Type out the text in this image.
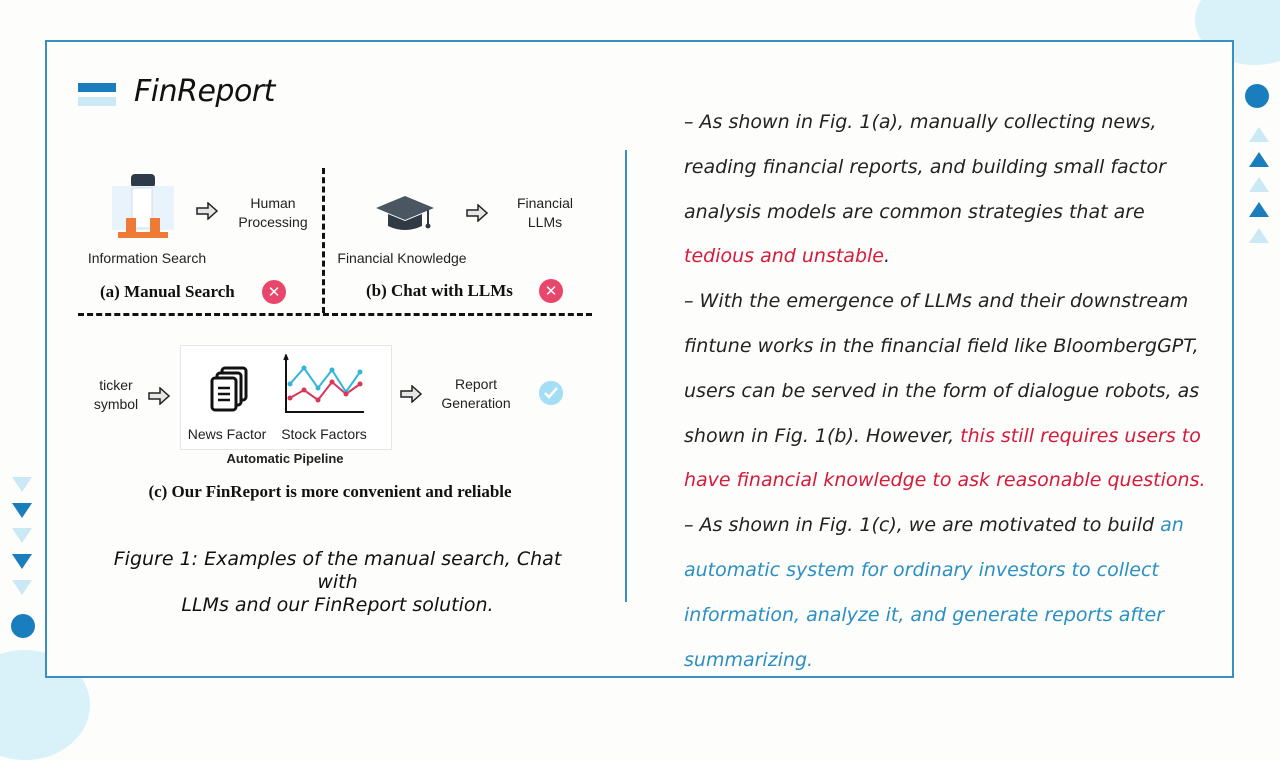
FinReport
Human
Processing
Information Search
(a) Manual Search	✕
Financial
LLMs
Financial Knowledge
(b) Chat with LLMs	✕
ticker
symbol
News Factor	Stock Factors
Automatic Pipeline
Report
Generation
(c) Our FinReport is more convenient and reliable
Figure 1: Examples of the manual search, Chat with
LLMs and our FinReport solution.
– As shown in Fig. 1(a), manually collecting news, reading financial reports, and building small factor analysis models are common strategies that are tedious and unstable.
– With the emergence of LLMs and their downstream fintune works in the financial field like BloombergGPT, users can be served in the form of dialogue robots, as shown in Fig. 1(b). However, this still requires users to have financial knowledge to ask reasonable questions.
– As shown in Fig. 1(c), we are motivated to build an automatic system for ordinary investors to collect information, analyze it, and generate reports after summarizing.
